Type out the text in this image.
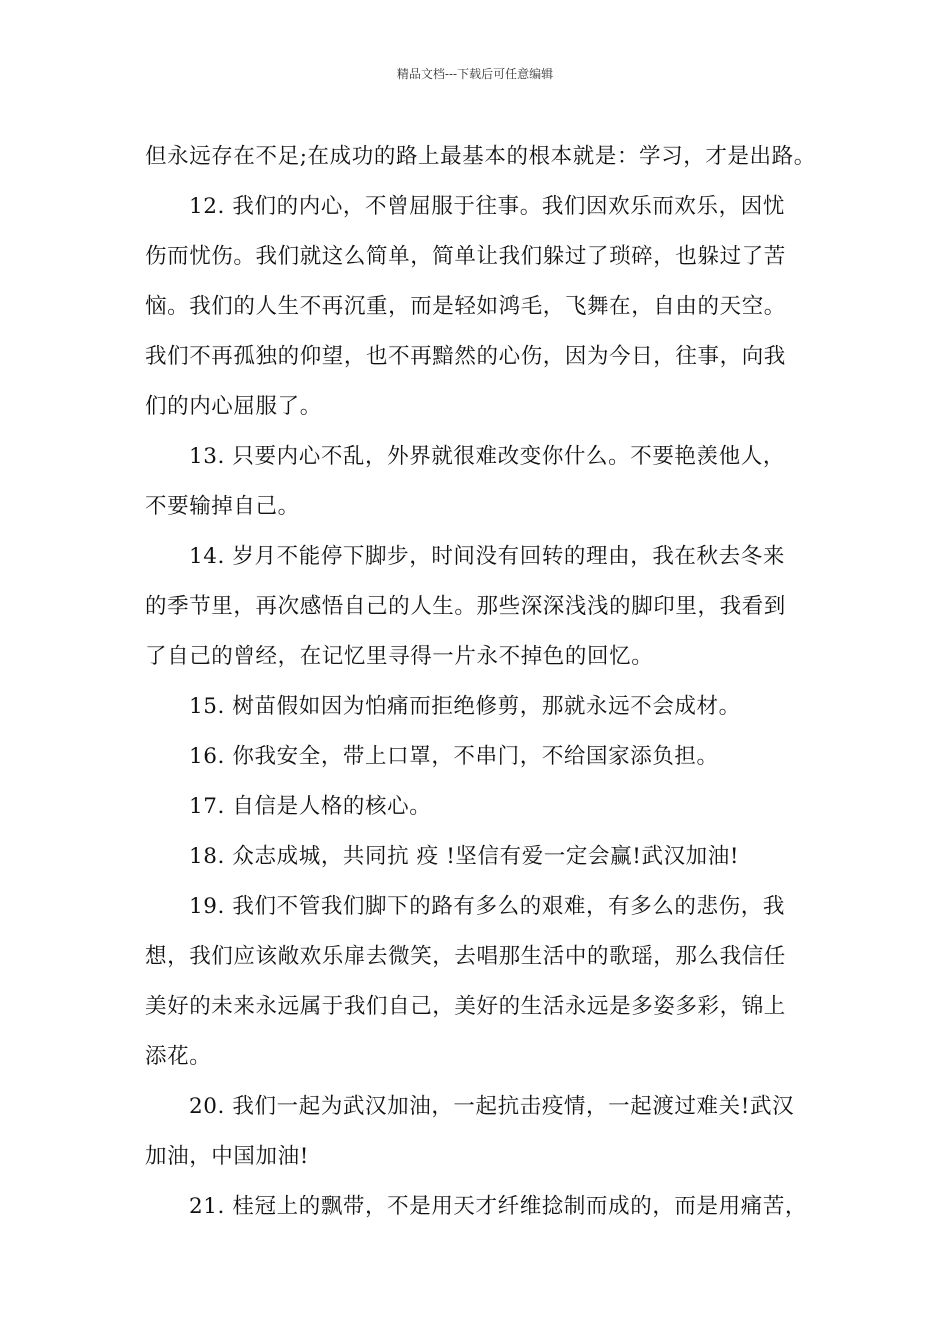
精品文档---下载后可任意编辑
但永远存在不足;在成功的路上最基本的根本就是：学习，才是出路。
12. 我们的内心，不曾屈服于往事。我们因欢乐而欢乐，因忧
伤而忧伤。我们就这么简单，简单让我们躲过了琐碎，也躲过了苦
恼。我们的人生不再沉重，而是轻如鸿毛，飞舞在，自由的天空。
我们不再孤独的仰望，也不再黯然的心伤，因为今日，往事，向我
们的内心屈服了。
13. 只要内心不乱，外界就很难改变你什么。不要艳羡他人，
不要输掉自己。
14. 岁月不能停下脚步，时间没有回转的理由，我在秋去冬来
的季节里，再次感悟自己的人生。那些深深浅浅的脚印里，我看到
了自己的曾经，在记忆里寻得一片永不掉色的回忆。
15. 树苗假如因为怕痛而拒绝修剪，那就永远不会成材。
16. 你我安全，带上口罩，不串门，不给国家添负担。
17. 自信是人格的核心。
18. 众志成城，共同抗 疫 !坚信有爱一定会赢!武汉加油!
19. 我们不管我们脚下的路有多么的艰难，有多么的悲伤，我
想，我们应该敞欢乐扉去微笑，去唱那生活中的歌瑶，那么我信任
美好的未来永远属于我们自己，美好的生活永远是多姿多彩，锦上
添花。
20. 我们一起为武汉加油，一起抗击疫情，一起渡过难关!武汉
加油，中国加油!
21. 桂冠上的飘带，不是用天才纤维捻制而成的，而是用痛苦，
